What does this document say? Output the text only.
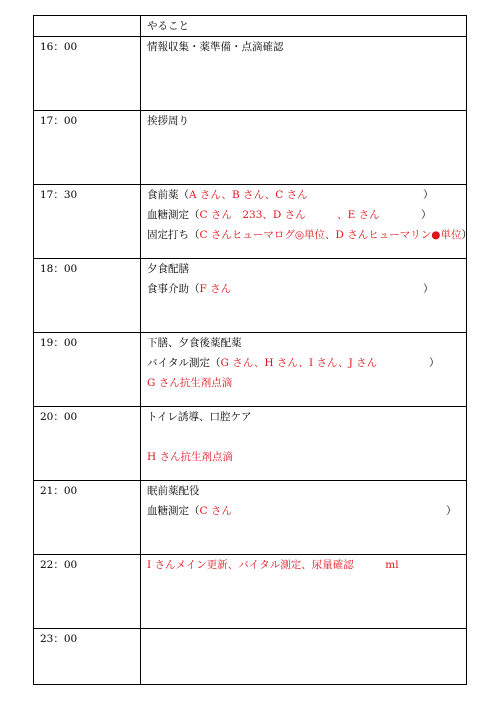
	やること
16：00	情報収集・薬準備・点滴確認

17：00	挨拶周り

17：30	食前薬（A さん、B さん、C さん ）
血糖測定（C さん　233、D さん　　　、E さん ）
固定打ち（C さんヒューマログ◎単位、D さんヒューマリン●単位）

18：00	夕食配膳
食事介助（F さん ）

19：00	下膳、夕食後薬配薬
バイタル測定（G さん、H さん、I さん、J さん ）
G さん抗生剤点滴

20：00	トイレ誘導、口腔ケア
H さん抗生剤点滴

21：00	眠前薬配役
血糖測定（C さん ）

22：00	I さんメイン更新、バイタル測定、尿量確認　　　ml

23：00	
